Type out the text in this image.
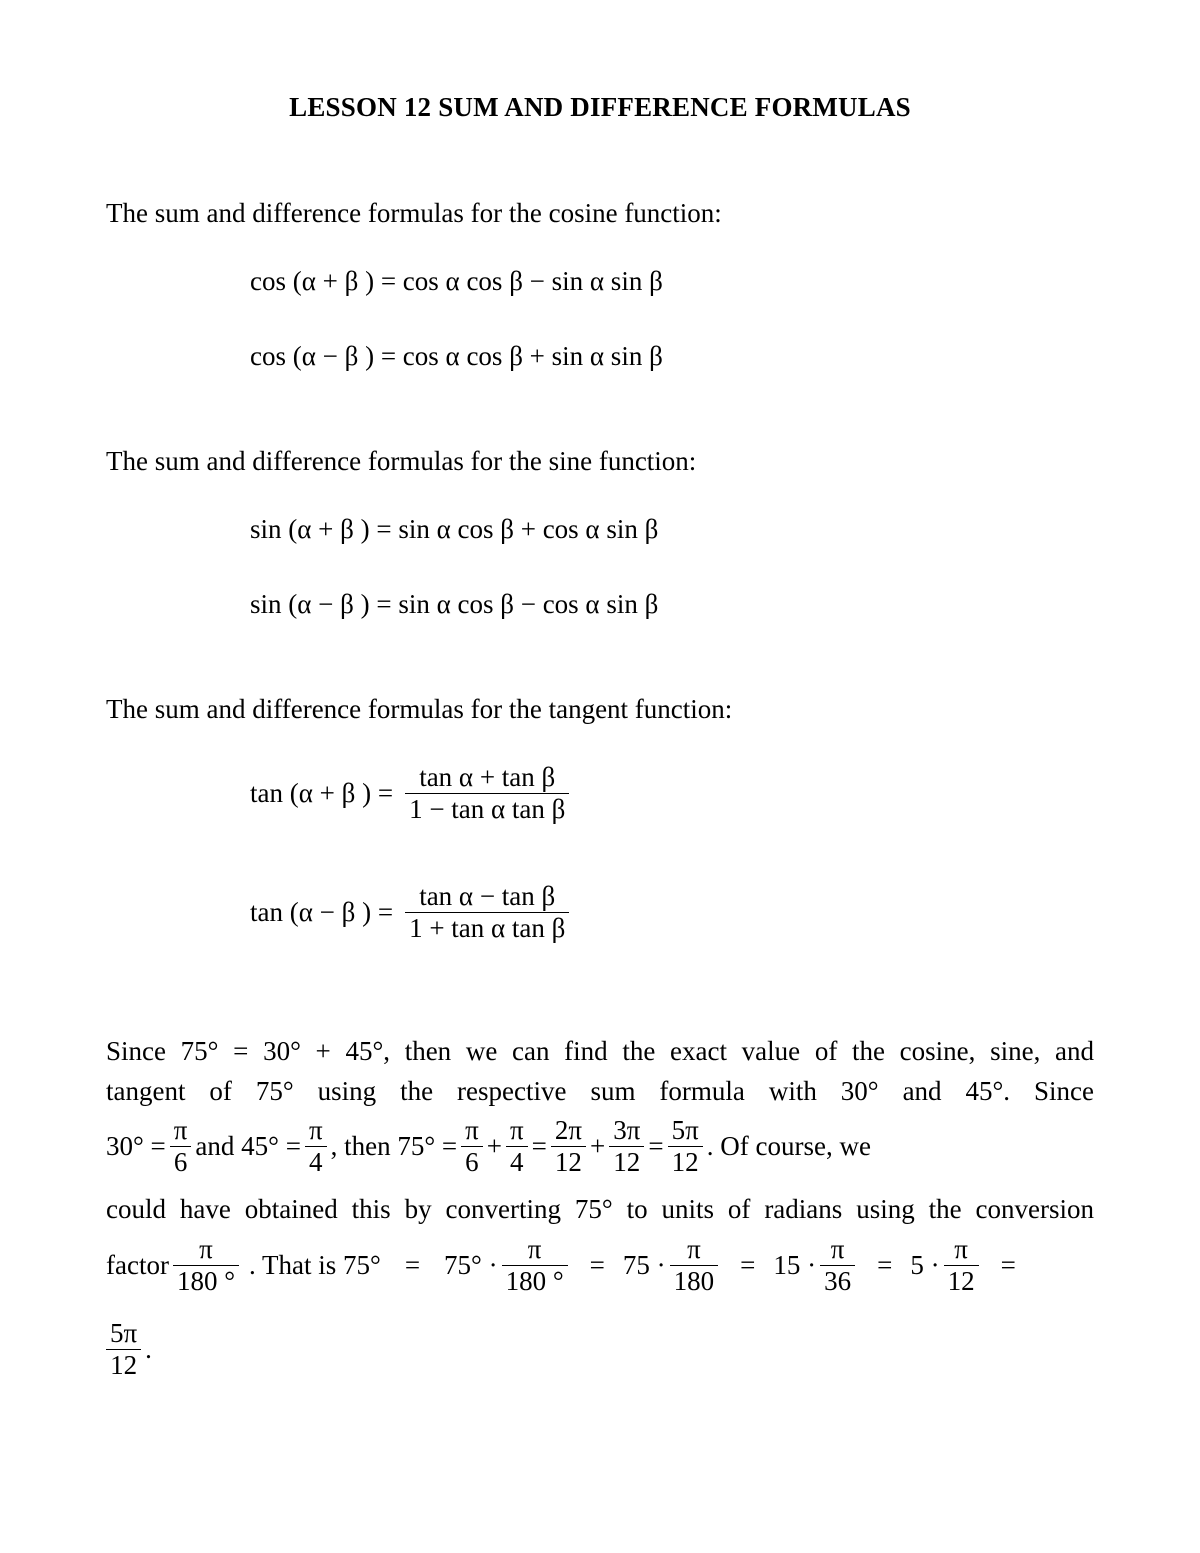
LESSON 12 SUM AND DIFFERENCE FORMULAS
The sum and difference formulas for the cosine function:
cos (α + β ) = cos α cos β − sin α sin β
cos (α − β ) = cos α cos β + sin α sin β
The sum and difference formulas for the sine function:
sin (α + β ) = sin α cos β + cos α sin β
sin (α − β ) = sin α cos β − cos α sin β
The sum and difference formulas for the tangent function:
tan (α + β ) = $\frac{\text{tan α + tan β}}{\text{1 − tan α tan β}}$
tan (α − β ) = $\frac{\text{tan α − tan β}}{\text{1 + tan α tan β}}$
Since 75° = 30° + 45°, then we can find the exact value of the cosine, sine, and
tangent of 75° using the respective sum formula with 30° and 45°. Since
$30^\circ = \frac{\pi}{6}$ and $45^\circ = \frac{\pi}{4}$ , then $75^\circ = \frac{\pi}{6} + \frac{\pi}{4} = \frac{2\pi}{12} + \frac{3\pi}{12} = \frac{5\pi}{12}$ . Of course, we
could have obtained this by converting 75° to units of radians using the conversion
factor $\frac{\pi}{180 ^\circ}$ . That is $75^\circ = 75^\circ \cdot \frac{\pi}{180 ^\circ} = 75 \cdot \frac{\pi}{180} = 15 \cdot \frac{\pi}{36} = 5 \cdot \frac{\pi}{12}$ =
$\frac{5\pi}{12}$ .
